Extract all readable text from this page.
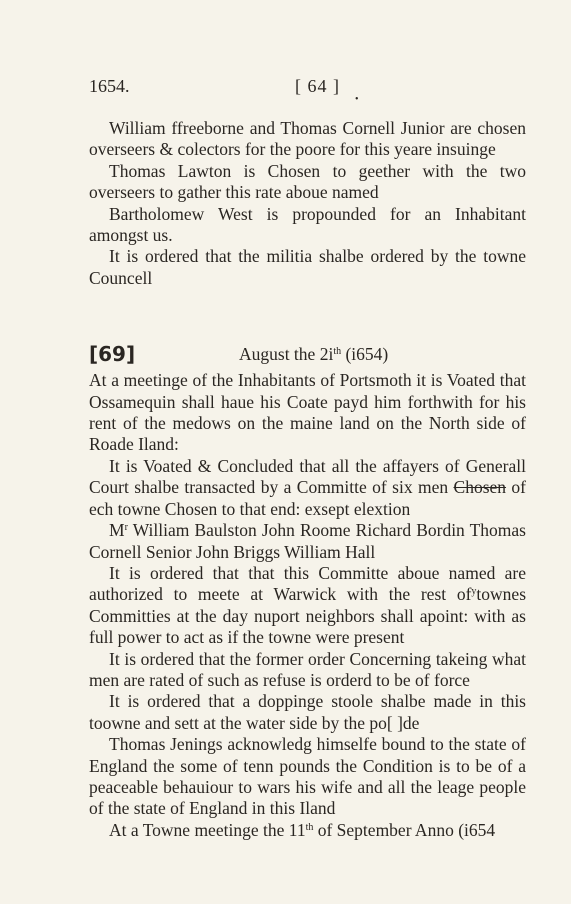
1654.	[ 64 ]
•

William ffreeborne and Thomas Cornell Junior are chosen overseers & colectors for the poore for this yeare insuinge

Thomas Lawton is Chosen to geether with the two overseers to gather this rate aboue named

Bartholomew West is propounded for an Inhabitant amongst us.

It is ordered that the militia shalbe ordered by the towne Councell

[69]	August the $2i^{th}$ (i654)

At a meetinge of the Inhabitants of Portsmoth it is Voated that Ossamequin shall haue his Coate payd him forthwith for his rent of the medows on the maine land on the North side of Roade Iland:

It is Voated & Concluded that all the affayers of Generall Court shalbe transacted by a Committe of six men Chosen of ech towne Chosen to that end: exsept elextion

$M^r$ William Baulston John Roome Richard Bordin Thomas Cornell Senior John Briggs William Hall

It is ordered that that this Committe aboue named are authorized to meete at Warwick with the rest $of^ytownes$ Committies at the day nuport neighbors shall apoint: with as full power to act as if the towne were present

It is ordered that the former order Concerning takeing what men are rated of such as refuse is orderd to be of force

It is ordered that a doppinge stoole shalbe made in this toowne and sett at the water side by the po[ ]de

Thomas Jenings acknowledg himselfe bound to the state of England the some of tenn pounds the Condition is to be of a peaceable behauiour to wars his wife and all the leage people of the state of England in this Iland

At a Towne meetinge the 11th of September Anno (i654
